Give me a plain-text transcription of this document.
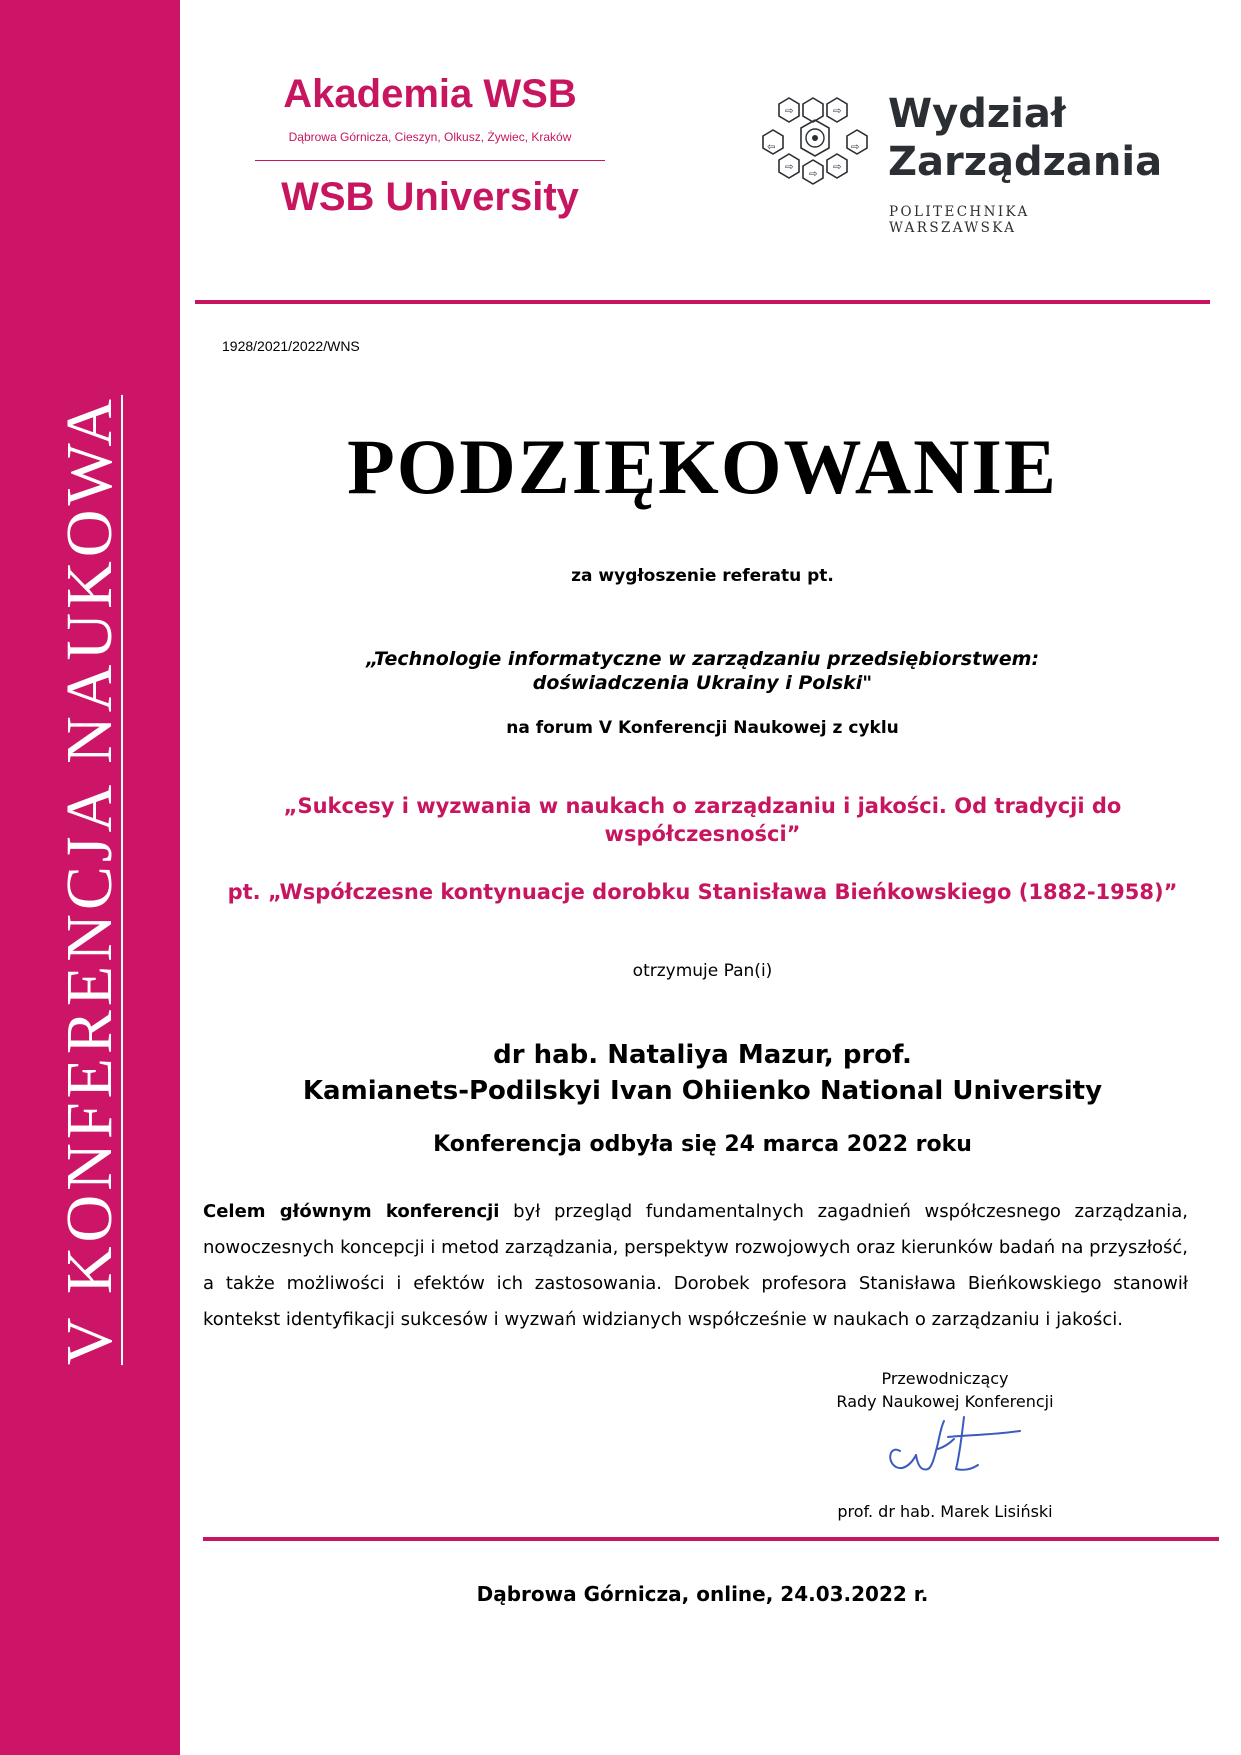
V KONFERENCJA NAUKOWA
Akademia WSB
Dąbrowa Górnicza, Cieszyn, Olkusz, Żywiec, Kraków
WSB University
⇨	⇨
⇦	⇨
⇨	⇨
⇨
Wydział
Zarządzania
POLITECHNIKA WARSZAWSKA
1928/2021/2022/WNS
PODZIĘKOWANIE
za wygłoszenie referatu pt.
„Technologie informatyczne w zarządzaniu przedsiębiorstwem:
doświadczenia Ukrainy i Polski"
na forum V Konferencji Naukowej z cyklu
„Sukcesy i wyzwania w naukach o zarządzaniu i jakości. Od tradycji do
współczesności”
pt. „Współczesne kontynuacje dorobku Stanisława Bieńkowskiego (1882-1958)”
otrzymuje Pan(i)
dr hab. Nataliya Mazur, prof.
Kamianets-Podilskyi Ivan Ohiienko National University
Konferencja odbyła się 24 marca 2022 roku
Celem głównym konferencji był przegląd fundamentalnych zagadnień współczesnego zarządzania, nowoczesnych koncepcji i metod zarządzania, perspektyw rozwojowych oraz kierunków badań na przyszłość, a także możliwości i efektów ich zastosowania. Dorobek profesora Stanisława Bieńkowskiego stanowił kontekst identyfikacji sukcesów i wyzwań widzianych współcześnie w naukach o zarządzaniu i jakości.
Przewodniczący
Rady Naukowej Konferencji
prof. dr hab. Marek Lisiński
Dąbrowa Górnicza, online, 24.03.2022 r.
